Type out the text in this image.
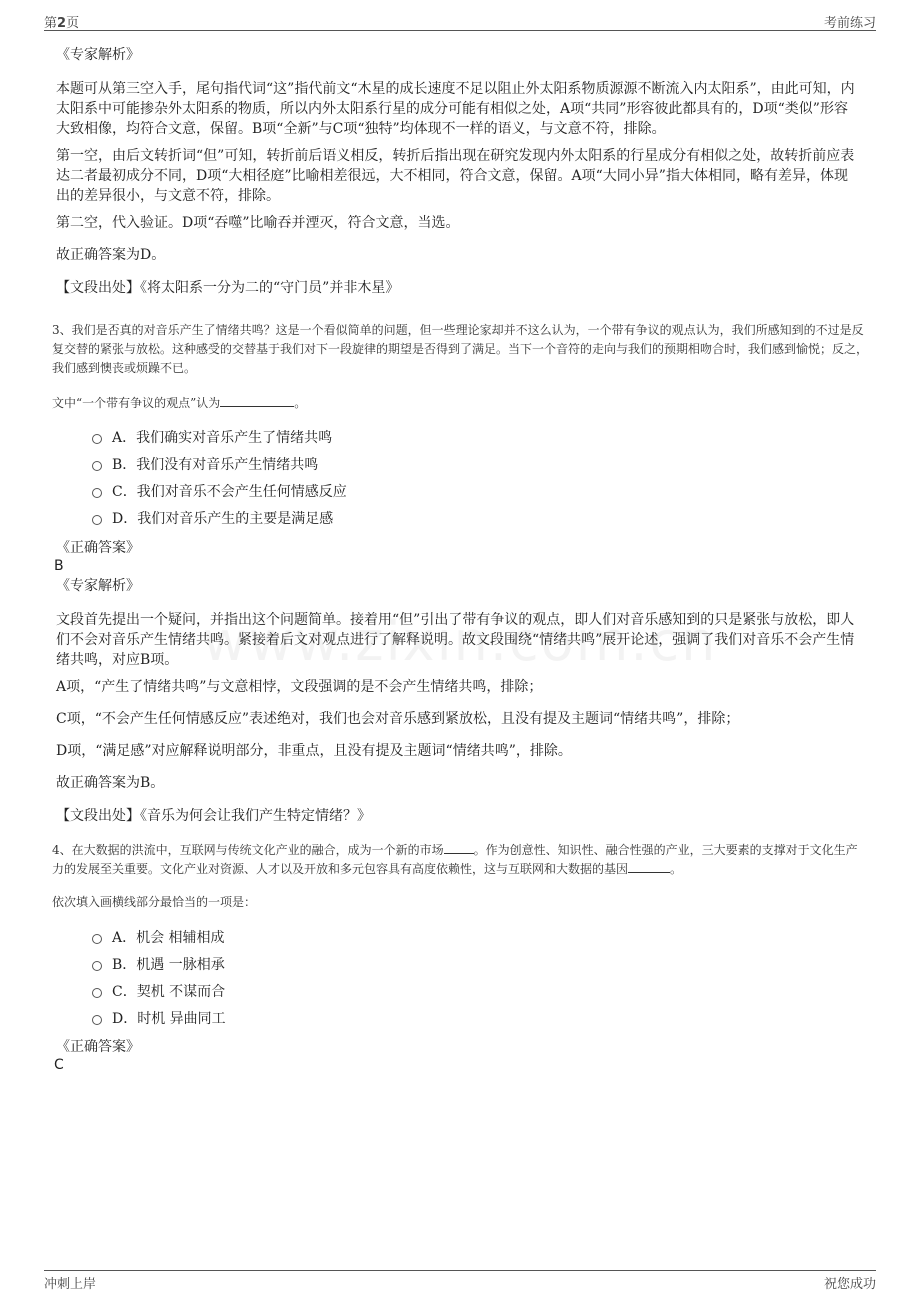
第2页	考前练习
《专家解析》

本题可从第三空入手，尾句指代词“这”指代前文“木星的成长速度不足以阻止外太阳系物质源源不断流入内太阳系”，由此可知，内太阳系中可能掺杂外太阳系的物质，所以内外太阳系行星的成分可能有相似之处，A项“共同”形容彼此都具有的，D项“类似”形容大致相像，均符合文意，保留。B项“全新”与C项“独特”均体现不一样的语义，与文意不符，排除。

第一空，由后文转折词“但”可知，转折前后语义相反，转折后指出现在研究发现内外太阳系的行星成分有相似之处，故转折前应表达二者最初成分不同，D项“大相径庭”比喻相差很远，大不相同，符合文意，保留。A项“大同小异”指大体相同，略有差异，体现出的差异很小，与文意不符，排除。

第二空，代入验证。D项“吞噬”比喻吞并湮灭，符合文意，当选。

故正确答案为D。

【文段出处】《将太阳系一分为二的“守门员”并非木星》

3、我们是否真的对音乐产生了情绪共鸣？这是一个看似简单的问题，但一些理论家却并不这么认为，一个带有争议的观点认为，我们所感知到的不过是反复交替的紧张与放松。这种感受的交替基于我们对下一段旋律的期望是否得到了满足。当下一个音符的走向与我们的预期相吻合时，我们感到愉悦；反之，我们感到懊丧或烦躁不已。

文中“一个带有争议的观点”认为	。

A．我们确实对音乐产生了情绪共鸣
B．我们没有对音乐产生情绪共鸣
C．我们对音乐不会产生任何情感反应
D．我们对音乐产生的主要是满足感
《正确答案》
B
《专家解析》

文段首先提出一个疑问，并指出这个问题简单。接着用“但”引出了带有争议的观点，即人们对音乐感知到的只是紧张与放松，即人们不会对音乐产生情绪共鸣。紧接着后文对观点进行了解释说明。故文段围绕“情绪共鸣”展开论述，强调了我们对音乐不会产生情绪共鸣，对应B项。

A项，“产生了情绪共鸣”与文意相悖，文段强调的是不会产生情绪共鸣，排除；

C项，“不会产生任何情感反应”表述绝对，我们也会对音乐感到紧放松，且没有提及主题词“情绪共鸣”，排除；

D项，“满足感”对应解释说明部分，非重点，且没有提及主题词“情绪共鸣”，排除。

故正确答案为B。

【文段出处】《音乐为何会让我们产生特定情绪？》

4、在大数据的洪流中，互联网与传统文化产业的融合，成为一个新的市场	。作为创意性、知识性、融合性强的产业，三大要素的支撑对于文化生产力的发展至关重要。文化产业对资源、人才以及开放和多元包容具有高度依赖性，这与互联网和大数据的基因	。

依次填入画横线部分最恰当的一项是：

A．机会 相辅相成
B．机遇 一脉相承
C．契机 不谋而合
D．时机 异曲同工
《正确答案》
C
冲刺上岸	祝您成功
